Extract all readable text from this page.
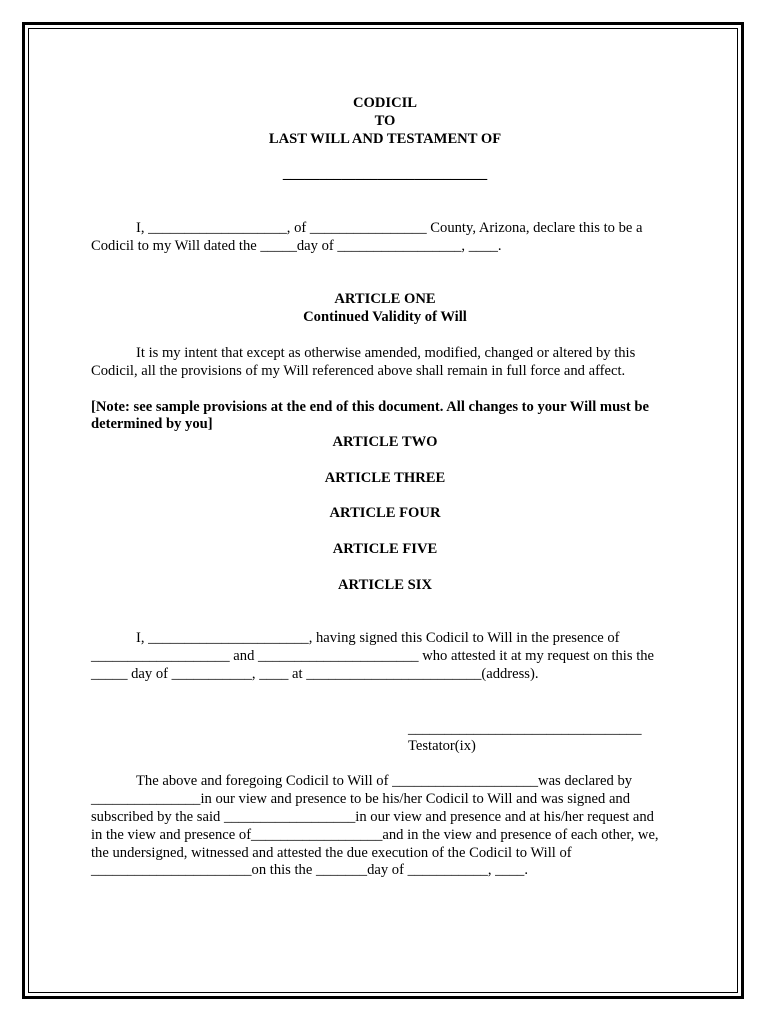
CODICIL

TO

LAST WILL AND TESTAMENT OF

____________________________

I, ___________________, of ________________ County, Arizona, declare this to be a

Codicil to my Will dated the _____day of _________________, ____.

ARTICLE ONE

Continued Validity of Will

It is my intent that except as otherwise amended, modified, changed or altered by this

Codicil, all the provisions of my Will referenced above shall remain in full force and affect.

[Note: see sample provisions at the end of this document. All changes to your Will must be

determined by you]

ARTICLE TWO

ARTICLE THREE

ARTICLE FOUR

ARTICLE FIVE

ARTICLE SIX

I, ______________________, having signed this Codicil to Will in the presence of

___________________ and ______________________ who attested it at my request on this the

_____ day of ___________, ____ at ________________________(address).

________________________________

Testator(ix)

The above and foregoing Codicil to Will of ____________________was declared by

_______________in our view and presence to be his/her Codicil to Will and was signed and

subscribed by the said __________________in our view and presence and at his/her request and

in the view and presence of__________________and in the view and presence of each other, we,

the undersigned, witnessed and attested the due execution of the Codicil to Will of

______________________on this the _______day of ___________, ____.
